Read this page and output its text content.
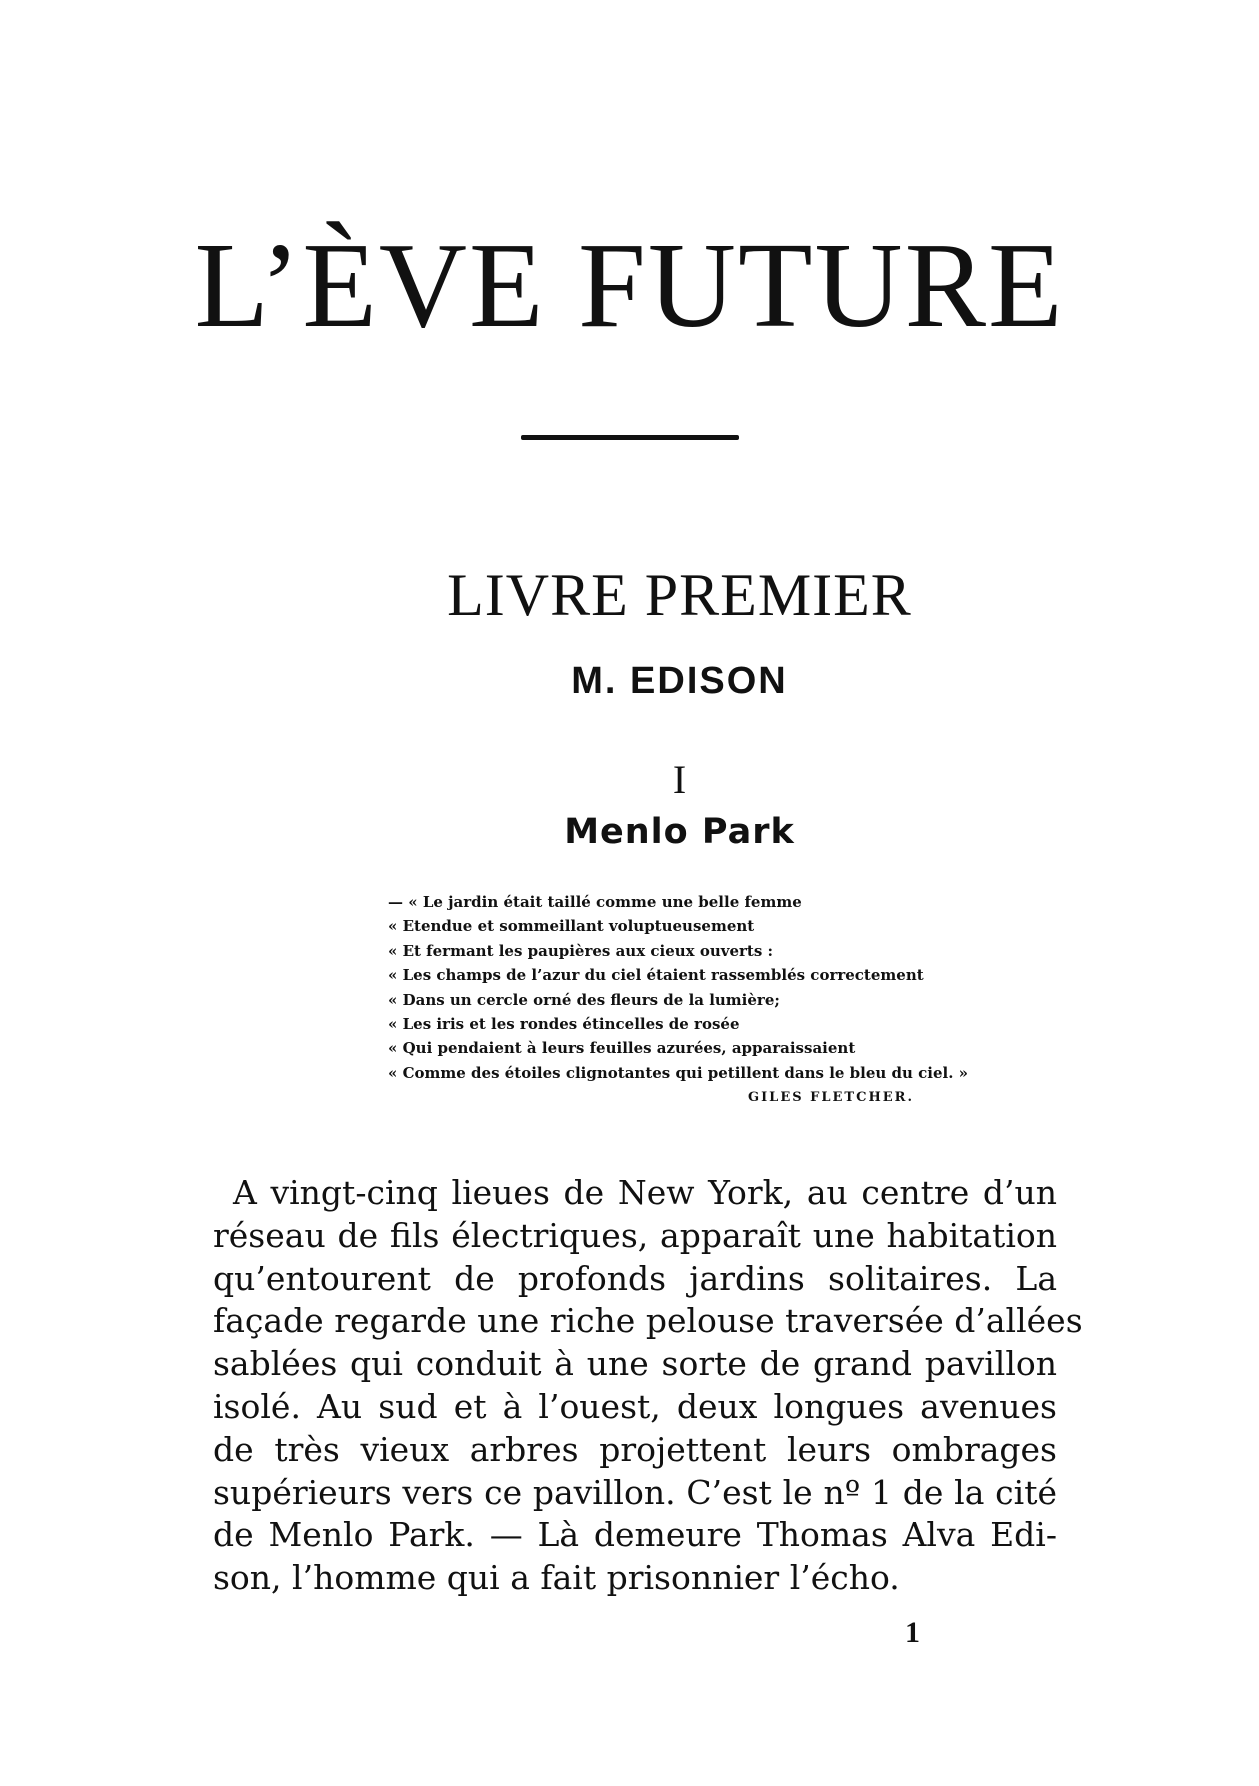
L’ÈVE FUTURE
LIVRE PREMIER
M. EDISON
I
Menlo Park
— « Le jardin était taillé comme une belle femme
« Etendue et sommeillant voluptueusement
« Et fermant les paupières aux cieux ouverts :
« Les champs de l’azur du ciel étaient rassemblés correctement
« Dans un cercle orné des fleurs de la lumière;
« Les iris et les rondes étincelles de rosée
« Qui pendaient à leurs feuilles azurées, apparaissaient
« Comme des étoiles clignotantes qui petillent dans le bleu du ciel. »
GILES FLETCHER.
A vingt-cinq lieues de New York, au centre d’un
réseau de fils électriques, apparaît une habitation
qu’entourent de profonds jardins solitaires. La
façade regarde une riche pelouse traversée d’allées
sablées qui conduit à une sorte de grand pavillon
isolé. Au sud et à l’ouest, deux longues avenues
de très vieux arbres projettent leurs ombrages
supérieurs vers ce pavillon. C’est le nº 1 de la cité
de Menlo Park. — Là demeure Thomas Alva Edi-
son, l’homme qui a fait prisonnier l’écho.
1
